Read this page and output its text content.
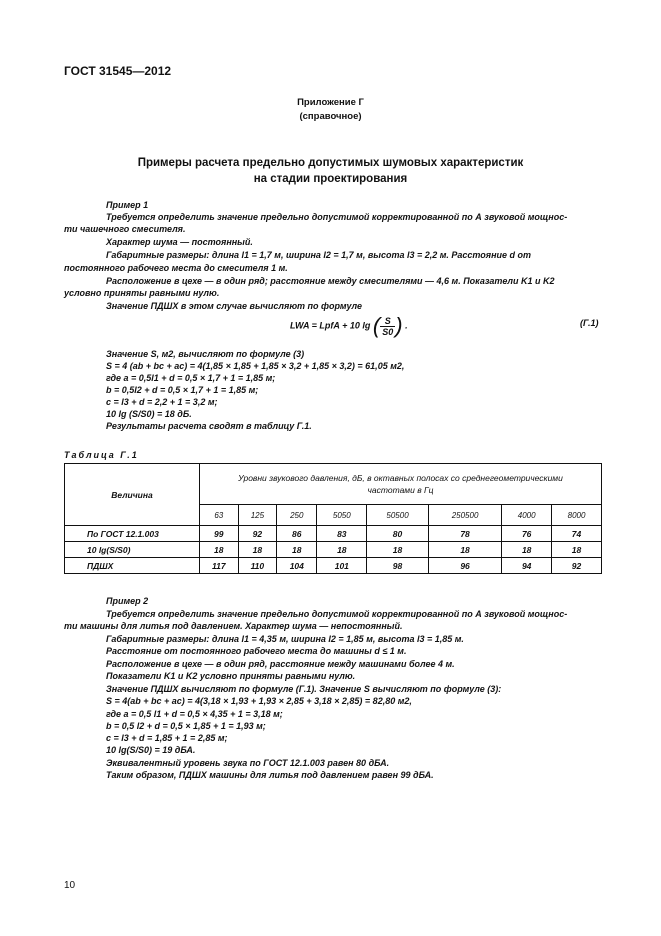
ГОСТ 31545—2012
Приложение Г
(справочное)
Примеры расчета предельно допустимых шумовых характеристик
на стадии проектирования
Пример 1
Требуется определить значение предельно допустимой корректированной по А звуковой мощнос-
ти чашечного смесителя.
Характер шума — постоянный.
Габаритные размеры: длина l1 = 1,7 м, ширина l2 = 1,7 м, высота l3 = 2,2 м. Расстояние d от
постоянного рабочего места до смесителя 1 м.
Расположение в цехе — в один ряд; расстояние между смесителями — 4,6 м. Показатели K1 и K2
условно приняты равными нулю.
Значение ПДШХ в этом случае вычисляют по формуле
LWA = LpfA + 10 lg ( $\frac{S}{S0}$ ) .	(Г.1)
Значение S, м2, вычисляют по формуле (3)
S = 4 (ab + bc + ac) = 4(1,85 × 1,85 + 1,85 × 3,2 + 1,85 × 3,2) = 61,05 м2,
где a = 0,5l1 + d = 0,5 × 1,7 + 1 = 1,85 м;
b = 0,5l2 + d = 0,5 × 1,7 + 1 = 1,85 м;
c = l3 + d = 2,2 + 1 = 3,2 м;
10 lg (S/S0) = 18 дБ.
Результаты расчета сводят в таблицу Г.1.
Таблица Г.1
Величина	Уровни звукового давления, дБ, в октавных полосах со среднегеометрическими частотами в Гц							
	63	125	250	5050	50500	250500	4000	8000
По ГОСТ 12.1.003	99	92	86	83	80	78	76	74
10 lg(S/S0)	18	18	18	18	18	18	18	18
ПДШХ	117	110	104	101	98	96	94	92
Пример 2
Требуется определить значение предельно допустимой корректированной по А звуковой мощнос-
ти машины для литья под давлением. Характер шума — непостоянный.
Габаритные размеры: длина l1 = 4,35 м, ширина l2 = 1,85 м, высота l3 = 1,85 м.
Расстояние от постоянного рабочего места до машины d ≤ 1 м.
Расположение в цехе — в один ряд, расстояние между машинами более 4 м.
Показатели K1 и K2 условно приняты равными нулю.
Значение ПДШХ вычисляют по формуле (Г.1). Значение S вычисляют по формуле (3):
S = 4(ab + bc + ac) = 4(3,18 × 1,93 + 1,93 × 2,85 + 3,18 × 2,85) = 82,80 м2,
где a = 0,5 l1 + d = 0,5 × 4,35 + 1 = 3,18 м;
b = 0,5 l2 + d = 0,5 × 1,85 + 1 = 1,93 м;
c = l3 + d = 1,85 + 1 = 2,85 м;
10 lg(S/S0) = 19 дБА.
Эквивалентный уровень звука по ГОСТ 12.1.003 равен 80 дБА.
Таким образом, ПДШХ машины для литья под давлением равен 99 дБА.
10
